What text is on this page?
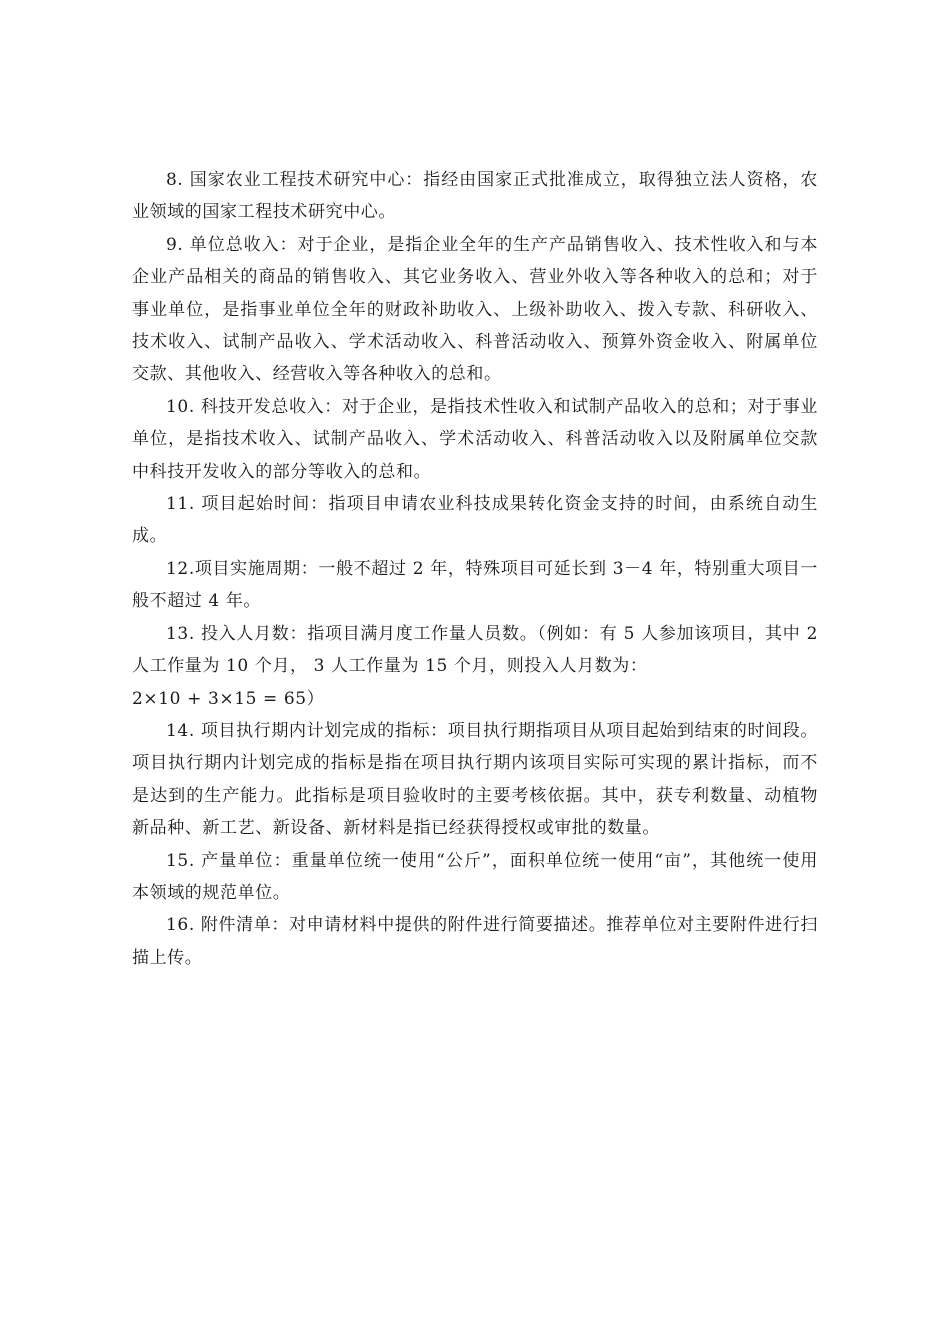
8. 国家农业工程技术研究中心：指经由国家正式批准成立，取得独立法人资格，农业领域的国家工程技术研究中心。

9. 单位总收入：对于企业，是指企业全年的生产产品销售收入、技术性收入和与本企业产品相关的商品的销售收入、其它业务收入、营业外收入等各种收入的总和；对于事业单位，是指事业单位全年的财政补助收入、上级补助收入、拨入专款、科研收入、技术收入、试制产品收入、学术活动收入、科普活动收入、预算外资金收入、附属单位交款、其他收入、经营收入等各种收入的总和。

10. 科技开发总收入：对于企业，是指技术性收入和试制产品收入的总和；对于事业单位，是指技术收入、试制产品收入、学术活动收入、科普活动收入以及附属单位交款中科技开发收入的部分等收入的总和。

11. 项目起始时间：指项目申请农业科技成果转化资金支持的时间，由系统自动生成。

12.项目实施周期：一般不超过 2 年，特殊项目可延长到 3－4 年，特别重大项目一般不超过 4 年。

13. 投入人月数：指项目满月度工作量人员数。（例如：有 5 人参加该项目，其中 2 人工作量为 10 个月， 3 人工作量为 15 个月，则投入人月数为：

2×10 + 3×15 = 65）

14. 项目执行期内计划完成的指标：项目执行期指项目从项目起始到结束的时间段。项目执行期内计划完成的指标是指在项目执行期内该项目实际可实现的累计指标，而不是达到的生产能力。此指标是项目验收时的主要考核依据。其中，获专利数量、动植物新品种、新工艺、新设备、新材料是指已经获得授权或审批的数量。

15. 产量单位：重量单位统一使用“公斤”，面积单位统一使用“亩”，其他统一使用本领域的规范单位。

16. 附件清单：对申请材料中提供的附件进行简要描述。推荐单位对主要附件进行扫描上传。
